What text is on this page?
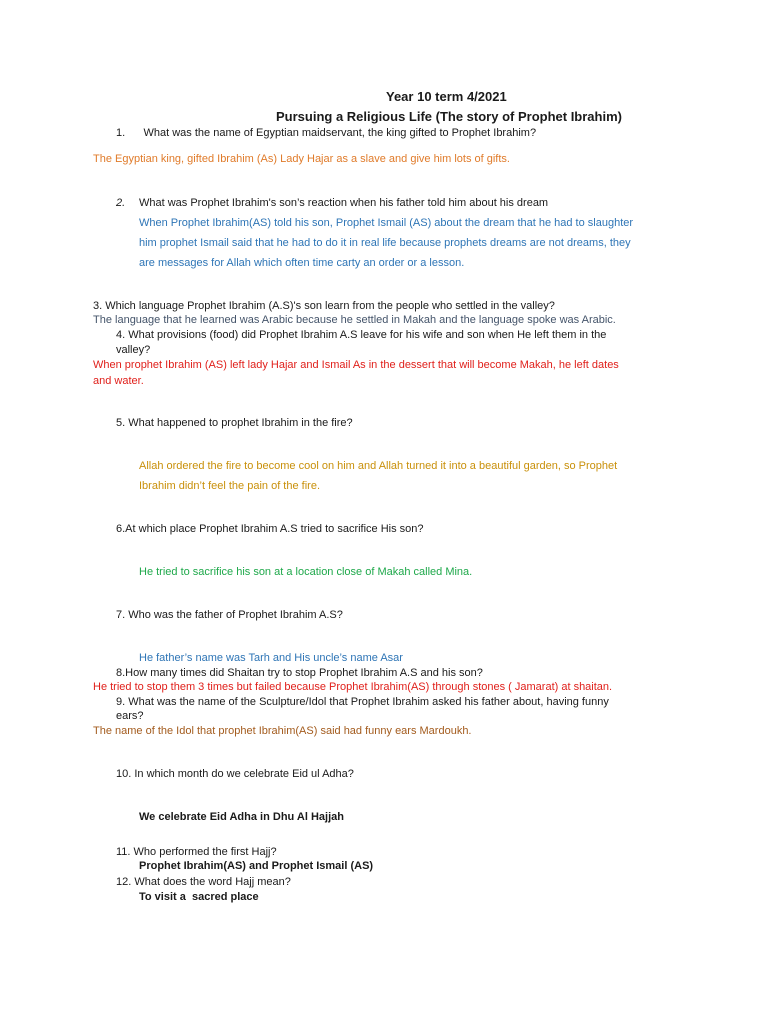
Year 10 term 4/2021
Pursuing a Religious Life (The story of Prophet Ibrahim)
1.      What was the name of Egyptian maidservant, the king gifted to Prophet Ibrahim?
The Egyptian king, gifted Ibrahim (As) Lady Hajar as a slave and give him lots of gifts.
2. What was Prophet Ibrahim's son’s reaction when his father told him about his dream
When Prophet Ibrahim(AS) told his son, Prophet Ismail (AS) about the dream that he had to slaughter
him prophet Ismail said that he had to do it in real life because prophets dreams are not dreams, they
are messages for Allah which often time carty an order or a lesson.
3. Which language Prophet Ibrahim (A.S)'s son learn from the people who settled in the valley?
The language that he learned was Arabic because he settled in Makah and the language spoke was Arabic.
4. What provisions (food) did Prophet Ibrahim A.S leave for his wife and son when He left them in the
valley?
When prophet Ibrahim (AS) left lady Hajar and Ismail As in the dessert that will become Makah, he left dates
and water.
5. What happened to prophet Ibrahim in the fire?
Allah ordered the fire to become cool on him and Allah turned it into a beautiful garden, so Prophet
Ibrahim didn’t feel the pain of the fire.
6.At which place Prophet Ibrahim A.S tried to sacrifice His son?
He tried to sacrifice his son at a location close of Makah called Mina.
7. Who was the father of Prophet Ibrahim A.S?
He father’s name was Tarh and His uncle’s name Asar
8.How many times did Shaitan try to stop Prophet Ibrahim A.S and his son?
He tried to stop them 3 times but failed because Prophet Ibrahim(AS) through stones ( Jamarat) at shaitan.
9. What was the name of the Sculpture/Idol that Prophet Ibrahim asked his father about, having funny
ears?
The name of the Idol that prophet Ibrahim(AS) said had funny ears Mardoukh.
10. In which month do we celebrate Eid ul Adha?
We celebrate Eid Adha in Dhu Al Hajjah
11. Who performed the first Hajj?
Prophet Ibrahim(AS) and Prophet Ismail (AS)
12. What does the word Hajj mean?
To visit a  sacred place
